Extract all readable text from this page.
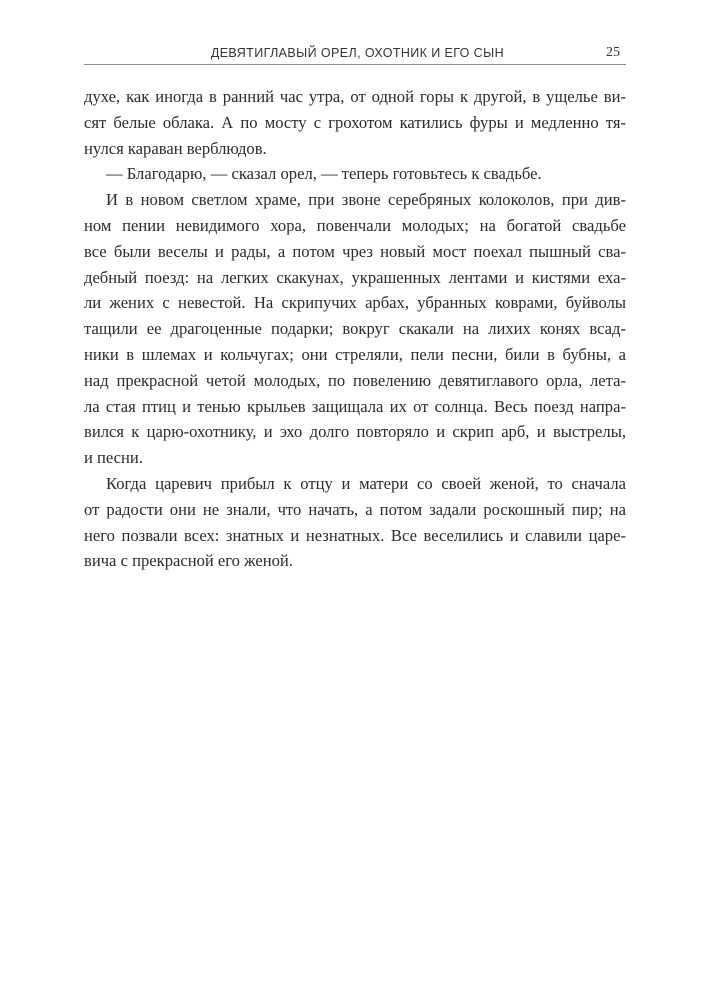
ДЕВЯТИГЛАВЫЙ ОРЕЛ, ОХОТНИК И ЕГО СЫН	25
духе, как иногда в ранний час утра, от одной горы к другой, в ущелье ви-
сят белые облака. А по мосту с грохотом катились фуры и медленно тя-
нулся караван верблюдов.
— Благодарю, — сказал орел, — теперь готовьтесь к свадьбе.
И в новом светлом храме, при звоне серебряных колоколов, при див-
ном пении невидимого хора, повенчали молодых; на богатой свадьбе
все были веселы и рады, а потом чрез новый мост поехал пышный сва-
дебный поезд: на легких скакунах, украшенных лентами и кистями еха-
ли жених с невестой. На скрипучих арбах, убранных коврами, буйволы
тащили ее драгоценные подарки; вокруг скакали на лихих конях всад-
ники в шлемах и кольчугах; они стреляли, пели песни, били в бубны, а
над прекрасной четой молодых, по повелению девятиглавого орла, лета-
ла стая птиц и тенью крыльев защищала их от солнца. Весь поезд напра-
вился к царю-охотнику, и эхо долго повторяло и скрип арб, и выстрелы,
и песни.
Когда царевич прибыл к отцу и матери со своей женой, то сначала
от радости они не знали, что начать, а потом задали роскошный пир; на
него позвали всех: знатных и незнатных. Все веселились и славили царе-
вича с прекрасной его женой.
